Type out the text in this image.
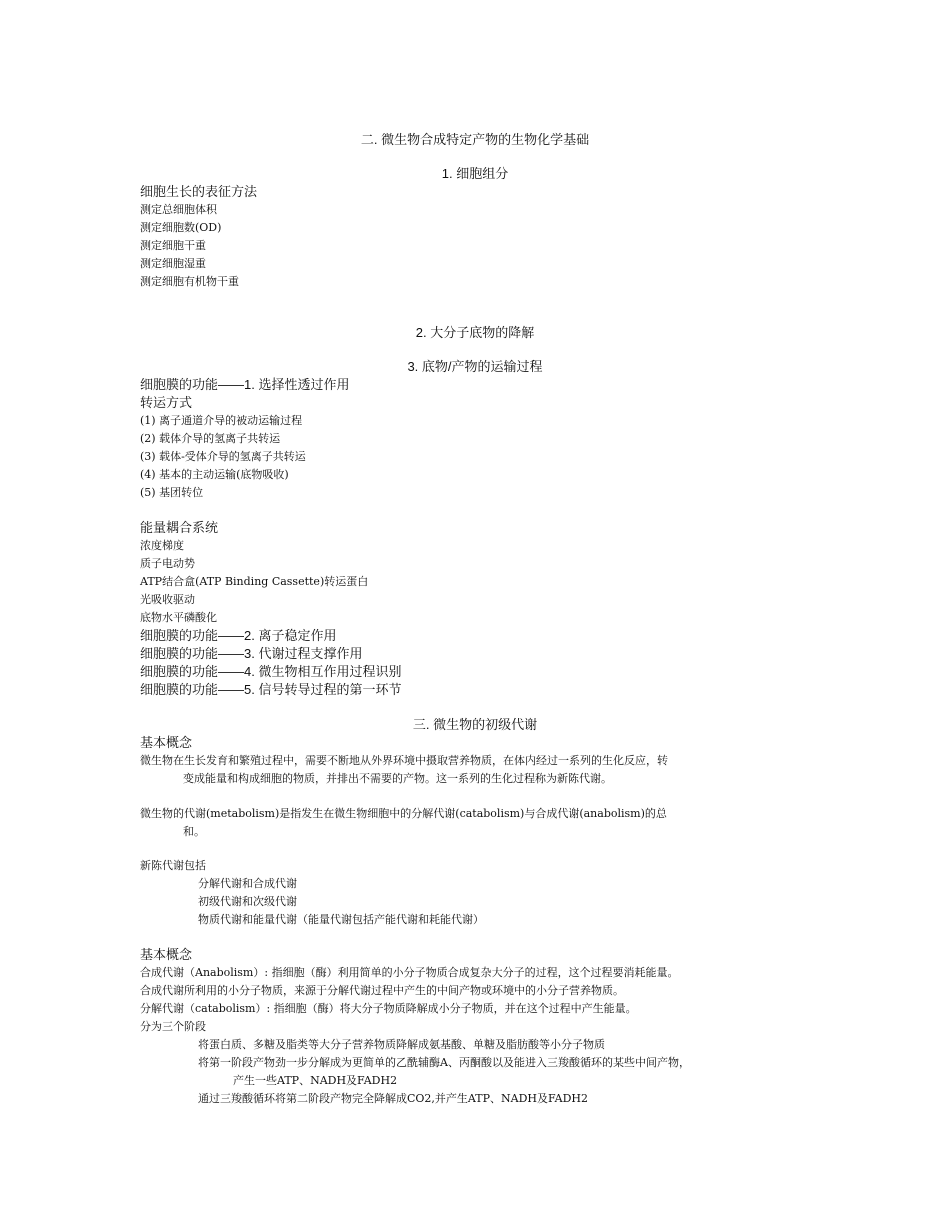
二. 微生物合成特定产物的生物化学基础
1. 细胞组分
细胞生长的表征方法
测定总细胞体积
测定细胞数(OD)
测定细胞干重
测定细胞湿重
测定细胞有机物干重
2. 大分子底物的降解
3. 底物/产物的运输过程
细胞膜的功能——1. 选择性透过作用
转运方式
(1) 离子通道介导的被动运输过程
(2) 载体介导的氢离子共转运
(3) 载体-受体介导的氢离子共转运
(4) 基本的主动运输(底物吸收)
(5) 基团转位
能量耦合系统
浓度梯度
质子电动势
ATP结合盒(ATP Binding Cassette)转运蛋白
光吸收驱动
底物水平磷酸化
细胞膜的功能——2. 离子稳定作用
细胞膜的功能——3. 代谢过程支撑作用
细胞膜的功能——4. 微生物相互作用过程识别
细胞膜的功能——5. 信号转导过程的第一环节
三. 微生物的初级代谢
基本概念
微生物在生长发育和繁殖过程中，需要不断地从外界环境中摄取营养物质，在体内经过一系列的生化反应，转
变成能量和构成细胞的物质，并排出不需要的产物。这一系列的生化过程称为新陈代谢。
微生物的代谢(metabolism)是指发生在微生物细胞中的分解代谢(catabolism)与合成代谢(anabolism)的总
和。
新陈代谢包括
分解代谢和合成代谢
初级代谢和次级代谢
物质代谢和能量代谢（能量代谢包括产能代谢和耗能代谢）
基本概念
合成代谢（Anabolism）: 指细胞（酶）利用简单的小分子物质合成复杂大分子的过程，这个过程要消耗能量。
合成代谢所利用的小分子物质，来源于分解代谢过程中产生的中间产物或环境中的小分子营养物质。
分解代谢（catabolism）: 指细胞（酶）将大分子物质降解成小分子物质，并在这个过程中产生能量。
分为三个阶段
将蛋白质、多糖及脂类等大分子营养物质降解成氨基酸、单糖及脂肪酸等小分子物质
将第一阶段产物劲一步分解成为更简单的乙酰辅酶A、丙酮酸以及能进入三羧酸循环的某些中间产物，
产生一些ATP、NADH及FADH2
通过三羧酸循环将第二阶段产物完全降解成CO2,并产生ATP、NADH及FADH2
